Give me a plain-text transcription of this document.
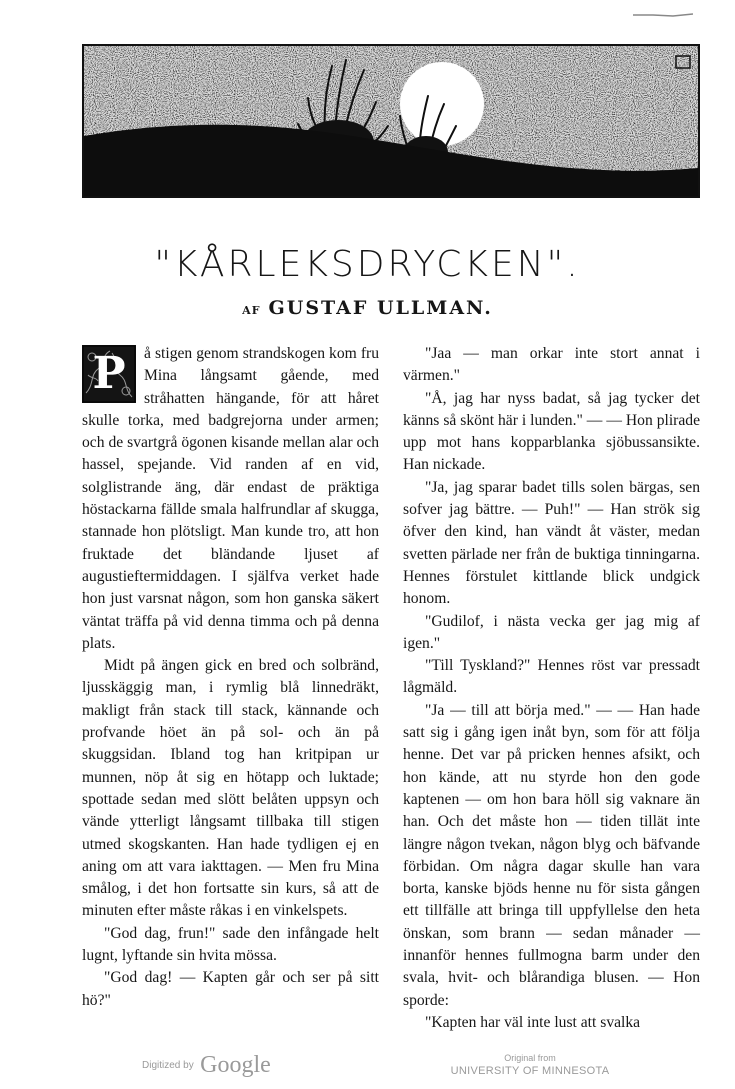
"KÅRLEKSDRYCKEN".
AF GUSTAF ULLMAN.

P å stigen genom strandskogen kom fru Mina långsamt gående, med stråhatten hängande, för att håret skulle torka, med badgrejorna under armen; och de svartgrå ögonen kisande mellan alar och hassel, spejande. Vid randen af en vid, solglistrande äng, där endast de präktiga höstackarna fällde smala halfrundlar af skugga, stannade hon plötsligt. Man kunde tro, att hon fruktade det bländande ljuset af augustieftermiddagen. I själfva verket hade hon just varsnat någon, som hon ganska säkert väntat träffa på vid denna timma och på denna plats.

Midt på ängen gick en bred och solbränd, ljusskäggig man, i rymlig blå linnedräkt, makligt från stack till stack, kännande och profvande höet än på sol- och än på skuggsidan. Ibland tog han kritpipan ur munnen, nöp åt sig en hötapp och luktade; spottade sedan med slött belåten uppsyn och vände ytterligt långsamt tillbaka till stigen utmed skogskanten. Han hade tydligen ej en aning om att vara iakttagen. — Men fru Mina smålog, i det hon fortsatte sin kurs, så att de minuten efter måste råkas i en vinkelspets.

"God dag, frun!" sade den infångade helt lugnt, lyftande sin hvita mössa.

"God dag! — Kapten går och ser på sitt hö?"

"Jaa — man orkar inte stort annat i värmen."

"Å, jag har nyss badat, så jag tycker det känns så skönt här i lunden." — — Hon plirade upp mot hans kopparblanka sjöbussansikte. Han nickade.

"Ja, jag sparar badet tills solen bärgas, sen sofver jag bättre. — Puh!" — Han strök sig öfver den kind, han vändt åt väster, medan svetten pärlade ner från de buktiga tinningarna. Hennes förstulet kittlande blick undgick honom.

"Gudilof, i nästa vecka ger jag mig af igen."

"Till Tyskland?" Hennes röst var pressadt lågmäld.

"Ja — till att börja med." — — Han hade satt sig i gång igen inåt byn, som för att följa henne. Det var på pricken hennes afsikt, och hon kände, att nu styrde hon den gode kaptenen — om hon bara höll sig vaknare än han. Och det måste hon — tiden tillät inte längre någon tvekan, någon blyg och bäfvande förbidan. Om några dagar skulle han vara borta, kanske bjöds henne nu för sista gången ett tillfälle att bringa till uppfyllelse den heta önskan, som brann — sedan månader — innanför hennes fullmogna barm under den svala, hvit- och blårandiga blusen. — Hon sporde:

"Kapten har väl inte lust att svalka

Digitized by Google	Original from
UNIVERSITY OF MINNESOTA
